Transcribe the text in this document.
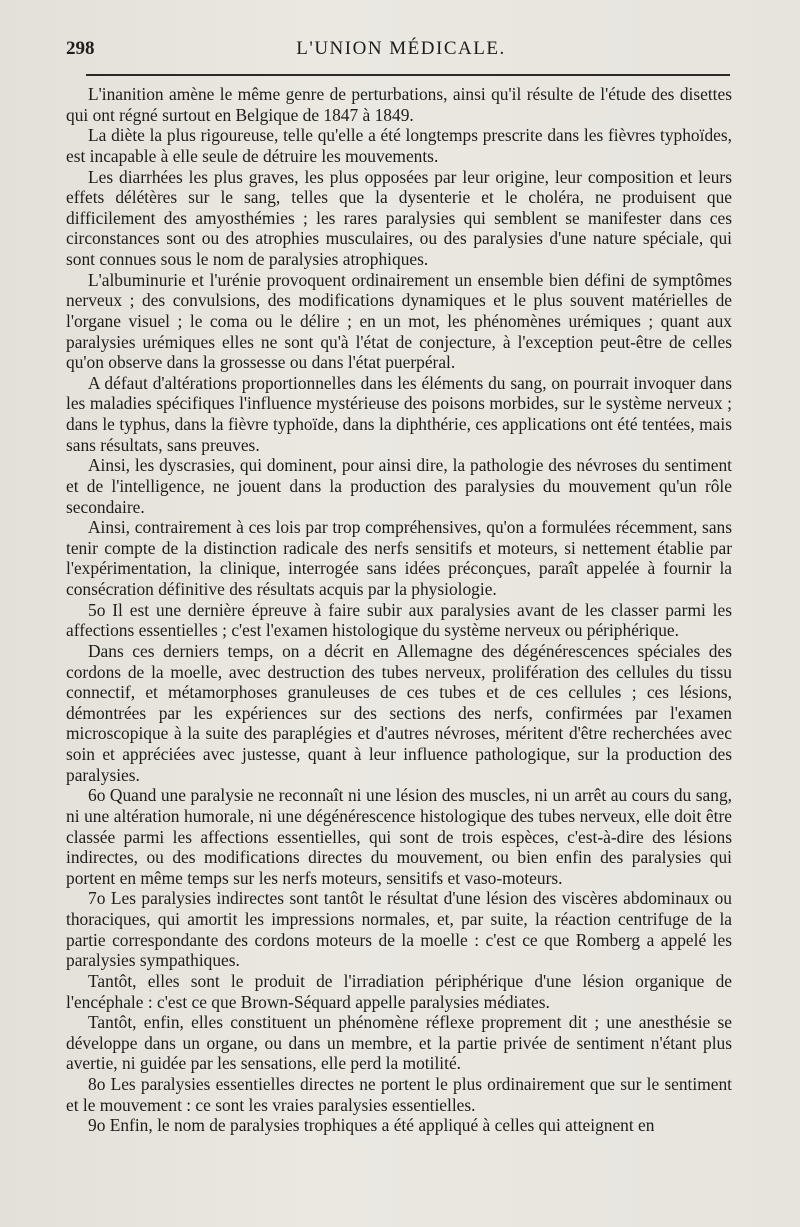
298	L'UNION MÉDICALE.

L'inanition amène le même genre de perturbations, ainsi qu'il résulte de l'étude des disettes qui ont régné surtout en Belgique de 1847 à 1849.

La diète la plus rigoureuse, telle qu'elle a été longtemps prescrite dans les fièvres typhoïdes, est incapable à elle seule de détruire les mouvements.

Les diarrhées les plus graves, les plus opposées par leur origine, leur composition et leurs effets délétères sur le sang, telles que la dysenterie et le choléra, ne produisent que difficilement des amyosthémies ; les rares paralysies qui semblent se manifester dans ces circonstances sont ou des atrophies musculaires, ou des paralysies d'une nature spéciale, qui sont connues sous le nom de paralysies atrophiques.

L'albuminurie et l'urénie provoquent ordinairement un ensemble bien défini de symptômes nerveux ; des convulsions, des modifications dynamiques et le plus souvent matérielles de l'organe visuel ; le coma ou le délire ; en un mot, les phénomènes urémiques ; quant aux paralysies urémiques elles ne sont qu'à l'état de conjecture, à l'exception peut-être de celles qu'on observe dans la grossesse ou dans l'état puerpéral.

A défaut d'altérations proportionnelles dans les éléments du sang, on pourrait invoquer dans les maladies spécifiques l'influence mystérieuse des poisons morbides, sur le système nerveux ; dans le typhus, dans la fièvre typhoïde, dans la diphthérie, ces applications ont été tentées, mais sans résultats, sans preuves.

Ainsi, les dyscrasies, qui dominent, pour ainsi dire, la pathologie des névroses du sentiment et de l'intelligence, ne jouent dans la production des paralysies du mouvement qu'un rôle secondaire.

Ainsi, contrairement à ces lois par trop compréhensives, qu'on a formulées récemment, sans tenir compte de la distinction radicale des nerfs sensitifs et moteurs, si nettement établie par l'expérimentation, la clinique, interrogée sans idées préconçues, paraît appelée à fournir la consécration définitive des résultats acquis par la physiologie.

5o Il est une dernière épreuve à faire subir aux paralysies avant de les classer parmi les affections essentielles ; c'est l'examen histologique du système nerveux ou périphérique.

Dans ces derniers temps, on a décrit en Allemagne des dégénérescences spéciales des cordons de la moelle, avec destruction des tubes nerveux, prolifération des cellules du tissu connectif, et métamorphoses granuleuses de ces tubes et de ces cellules ; ces lésions, démontrées par les expériences sur des sections des nerfs, confirmées par l'examen microscopique à la suite des paraplégies et d'autres névroses, méritent d'être recherchées avec soin et appréciées avec justesse, quant à leur influence pathologique, sur la production des paralysies.

6o Quand une paralysie ne reconnaît ni une lésion des muscles, ni un arrêt au cours du sang, ni une altération humorale, ni une dégénérescence histologique des tubes nerveux, elle doit être classée parmi les affections essentielles, qui sont de trois espèces, c'est-à-dire des lésions indirectes, ou des modifications directes du mouvement, ou bien enfin des paralysies qui portent en même temps sur les nerfs moteurs, sensitifs et vaso-moteurs.

7o Les paralysies indirectes sont tantôt le résultat d'une lésion des viscères abdominaux ou thoraciques, qui amortit les impressions normales, et, par suite, la réaction centrifuge de la partie correspondante des cordons moteurs de la moelle : c'est ce que Romberg a appelé les paralysies sympathiques.

Tantôt, elles sont le produit de l'irradiation périphérique d'une lésion organique de l'encéphale : c'est ce que Brown-Séquard appelle paralysies médiates.

Tantôt, enfin, elles constituent un phénomène réflexe proprement dit ; une anesthésie se développe dans un organe, ou dans un membre, et la partie privée de sentiment n'étant plus avertie, ni guidée par les sensations, elle perd la motilité.

8o Les paralysies essentielles directes ne portent le plus ordinairement que sur le sentiment et le mouvement : ce sont les vraies paralysies essentielles.

9o Enfin, le nom de paralysies trophiques a été appliqué à celles qui atteignent en
